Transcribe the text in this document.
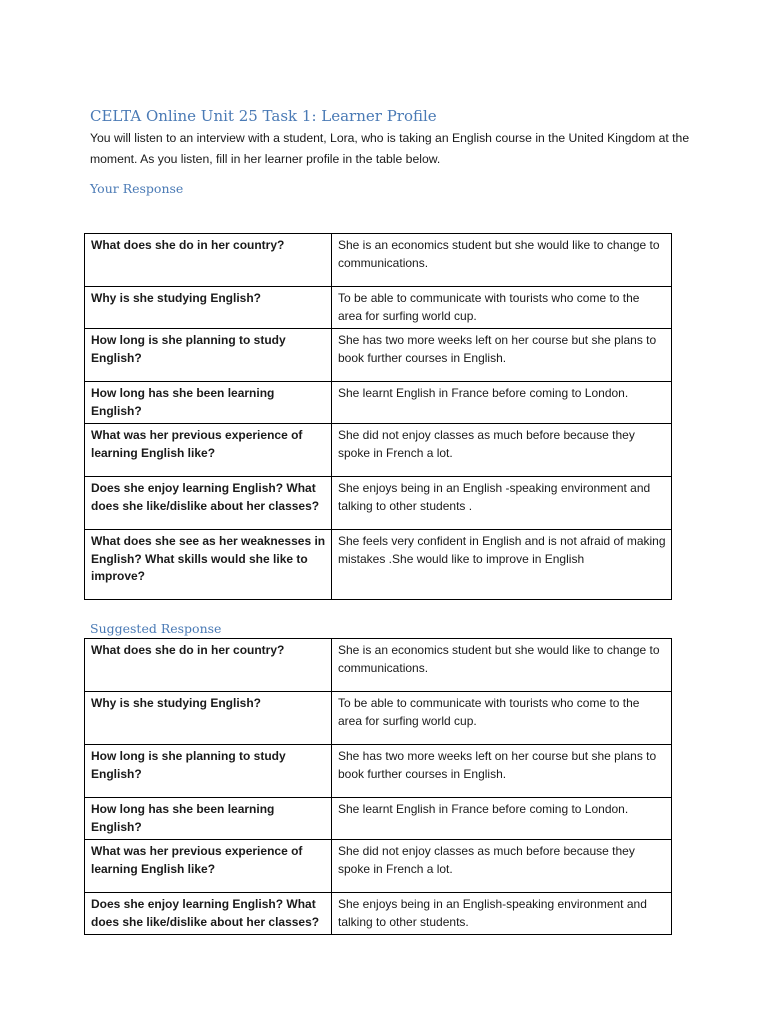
CELTA Online Unit 25 Task 1: Learner Profile

You will listen to an interview with a student, Lora, who is taking an English course in the United Kingdom at the moment. As you listen, fill in her learner profile in the table below.

Your Response
What does she do in her country?	She is an economics student but she would like to change to communications.
Why is she studying English?	To be able to communicate with tourists who come to the area for surfing world cup.
How long is she planning to study English?	She has two more weeks left on her course but she plans to book further courses in English.
How long has she been learning English?	She learnt English in France before coming to London.
What was her previous experience of learning English like?	She did not enjoy classes as much before because they spoke in French a lot.
Does she enjoy learning English? What does she like/dislike about her classes?	She enjoys being in an English -speaking environment and talking to other students .
What does she see as her weaknesses in English? What skills would she like to improve?	She feels very confident in English and is not afraid of making mistakes .She would like to improve in English
Suggested Response
What does she do in her country?	She is an economics student but she would like to change to communications.
Why is she studying English?	To be able to communicate with tourists who come to the area for surfing world cup.
How long is she planning to study English?	She has two more weeks left on her course but she plans to book further courses in English.
How long has she been learning English?	She learnt English in France before coming to London.
What was her previous experience of learning English like?	She did not enjoy classes as much before because they spoke in French a lot.
Does she enjoy learning English? What does she like/dislike about her classes?	She enjoys being in an English-speaking environment and talking to other students.
